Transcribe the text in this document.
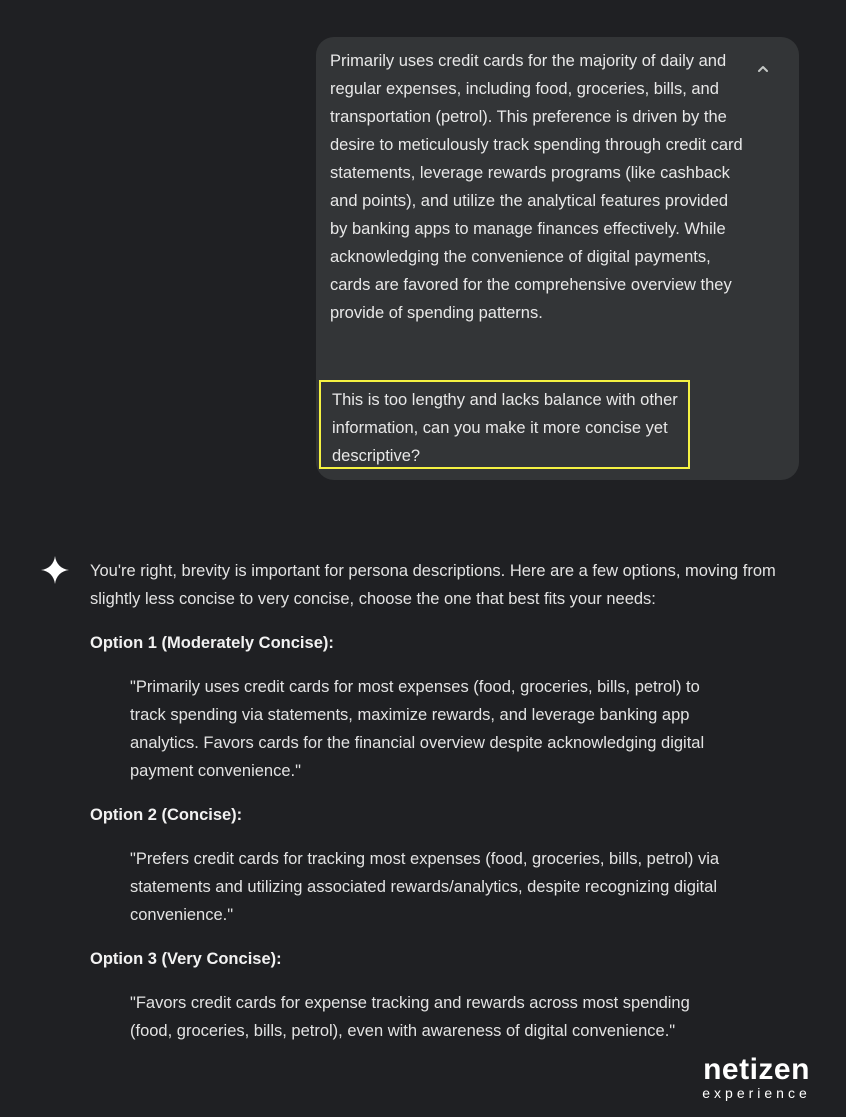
Primarily uses credit cards for the majority of daily and regular expenses, including food, groceries, bills, and transportation (petrol). This preference is driven by the desire to meticulously track spending through credit card statements, leverage rewards programs (like cashback and points), and utilize the analytical features provided by banking apps to manage finances effectively. While acknowledging the convenience of digital payments, cards are favored for the comprehensive overview they provide of spending patterns.

This is too lengthy and lacks balance with other information, can you make it more concise yet descriptive?

You're right, brevity is important for persona descriptions. Here are a few options, moving from slightly less concise to very concise, choose the one that best fits your needs:

Option 1 (Moderately Concise):

"Primarily uses credit cards for most expenses (food, groceries, bills, petrol) to track spending via statements, maximize rewards, and leverage banking app analytics. Favors cards for the financial overview despite acknowledging digital payment convenience."

Option 2 (Concise):

"Prefers credit cards for tracking most expenses (food, groceries, bills, petrol) via statements and utilizing associated rewards/analytics, despite recognizing digital convenience."

Option 3 (Very Concise):

"Favors credit cards for expense tracking and rewards across most spending (food, groceries, bills, petrol), even with awareness of digital convenience."

netizen
experience
